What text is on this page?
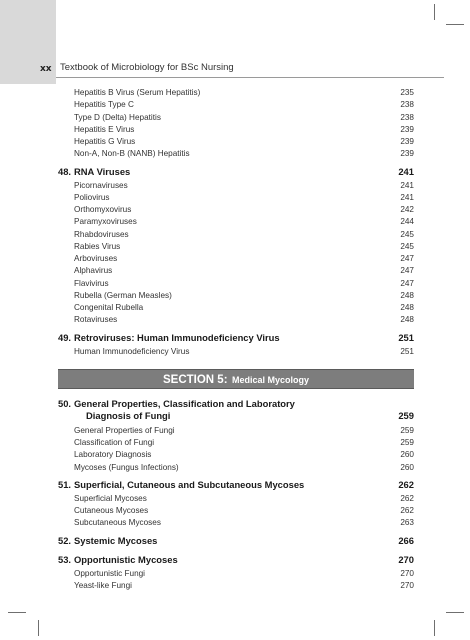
xx Textbook of Microbiology for BSc Nursing
Hepatitis B Virus (Serum Hepatitis)	235
Hepatitis Type C	238
Type D (Delta) Hepatitis	238
Hepatitis E Virus	239
Hepatitis G Virus	239
Non-A, Non-B (NANB) Hepatitis	239
48. RNA Viruses	241
Picornaviruses	241
Poliovirus	241
Orthomyxovirus	242
Paramyxoviruses	244
Rhabdoviruses	245
Rabies Virus	245
Arboviruses	247
Alphavirus	247
Flavivirus	247
Rubella (German Measles)	248
Congenital Rubella	248
Rotaviruses	248
49. Retroviruses: Human Immunodeficiency Virus	251
Human Immunodeficiency Virus	251
SECTION 5: Medical Mycology
50. General Properties, Classification and Laboratory
Diagnosis of Fungi	259
General Properties of Fungi	259
Classification of Fungi	259
Laboratory Diagnosis	260
Mycoses (Fungus Infections)	260
51. Superficial, Cutaneous and Subcutaneous Mycoses	262
Superficial Mycoses	262
Cutaneous Mycoses	262
Subcutaneous Mycoses	263
52. Systemic Mycoses	266
53. Opportunistic Mycoses	270
Opportunistic Fungi	270
Yeast-like Fungi	270
